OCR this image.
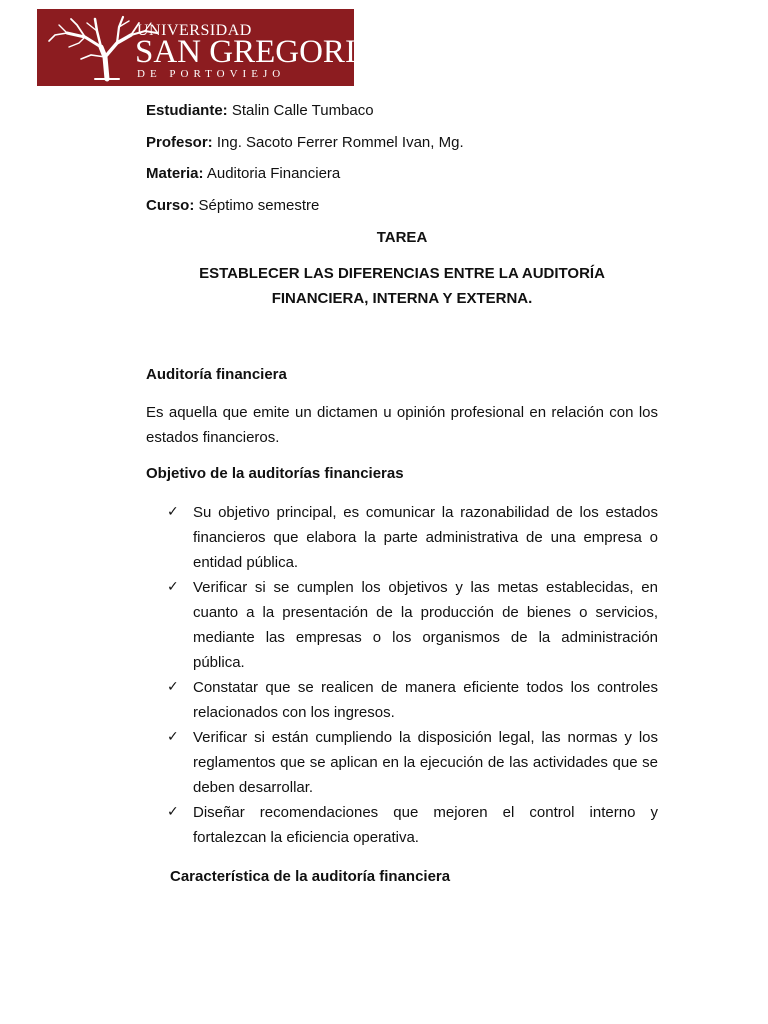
UNIVERSIDAD
SAN GREGORIO
DE PORTOVIEJO
Estudiante: Stalin Calle Tumbaco
Profesor: Ing. Sacoto Ferrer Rommel Ivan, Mg.
Materia: Auditoria Financiera
Curso: Séptimo semestre
TAREA
ESTABLECER LAS DIFERENCIAS ENTRE LA AUDITORÍA
FINANCIERA, INTERNA Y EXTERNA.
Auditoría financiera
Es aquella que emite un dictamen u opinión profesional en relación con los estados financieros.
Objetivo de la auditorías financieras
✓ Su objetivo principal, es comunicar la razonabilidad de los estados financieros que elabora la parte administrativa de una empresa o entidad pública.
✓ Verificar si se cumplen los objetivos y las metas establecidas, en cuanto a la presentación de la producción de bienes o servicios, mediante las empresas o los organismos de la administración pública.
✓ Constatar que se realicen de manera eficiente todos los controles relacionados con los ingresos.
✓ Verificar si están cumpliendo la disposición legal, las normas y los reglamentos que se aplican en la ejecución de las actividades que se deben desarrollar.
✓ Diseñar recomendaciones que mejoren el control interno y fortalezcan la eficiencia operativa.
Característica de la auditoría financiera
